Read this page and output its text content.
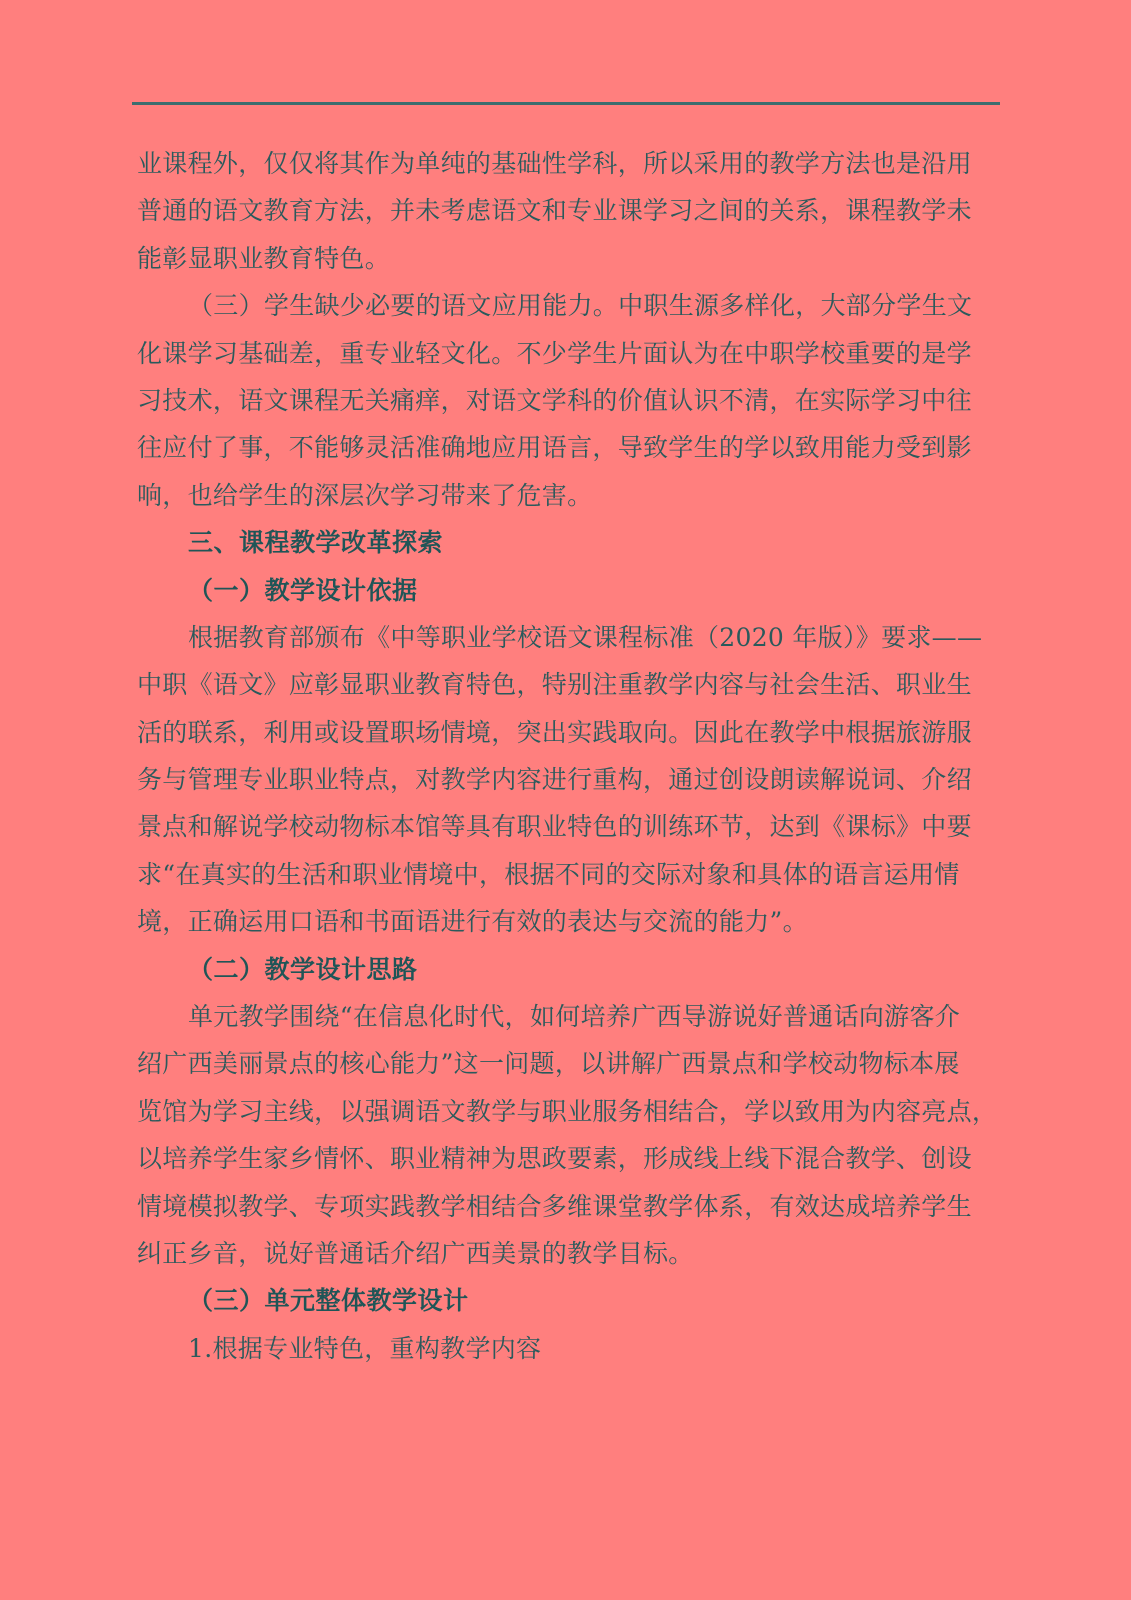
业课程外，仅仅将其作为单纯的基础性学科，所以采用的教学方法也是沿用
普通的语文教育方法，并未考虑语文和专业课学习之间的关系，课程教学未
能彰显职业教育特色。
（三）学生缺少必要的语文应用能力。中职生源多样化，大部分学生文
化课学习基础差，重专业轻文化。不少学生片面认为在中职学校重要的是学
习技术，语文课程无关痛痒，对语文学科的价值认识不清，在实际学习中往
往应付了事，不能够灵活准确地应用语言，导致学生的学以致用能力受到影
响，也给学生的深层次学习带来了危害。
三、课程教学改革探索
（一）教学设计依据
根据教育部颁布《中等职业学校语文课程标准（2020 年版）》要求——
中职《语文》应彰显职业教育特色，特别注重教学内容与社会生活、职业生
活的联系，利用或设置职场情境，突出实践取向。因此在教学中根据旅游服
务与管理专业职业特点，对教学内容进行重构，通过创设朗读解说词、介绍
景点和解说学校动物标本馆等具有职业特色的训练环节，达到《课标》中要
求“在真实的生活和职业情境中，根据不同的交际对象和具体的语言运用情
境，正确运用口语和书面语进行有效的表达与交流的能力”。
（二）教学设计思路
单元教学围绕“在信息化时代，如何培养广西导游说好普通话向游客介
绍广西美丽景点的核心能力”这一问题，以讲解广西景点和学校动物标本展
览馆为学习主线，以强调语文教学与职业服务相结合，学以致用为内容亮点，
以培养学生家乡情怀、职业精神为思政要素，形成线上线下混合教学、创设
情境模拟教学、专项实践教学相结合多维课堂教学体系，有效达成培养学生
纠正乡音，说好普通话介绍广西美景的教学目标。
（三）单元整体教学设计
1.根据专业特色，重构教学内容
